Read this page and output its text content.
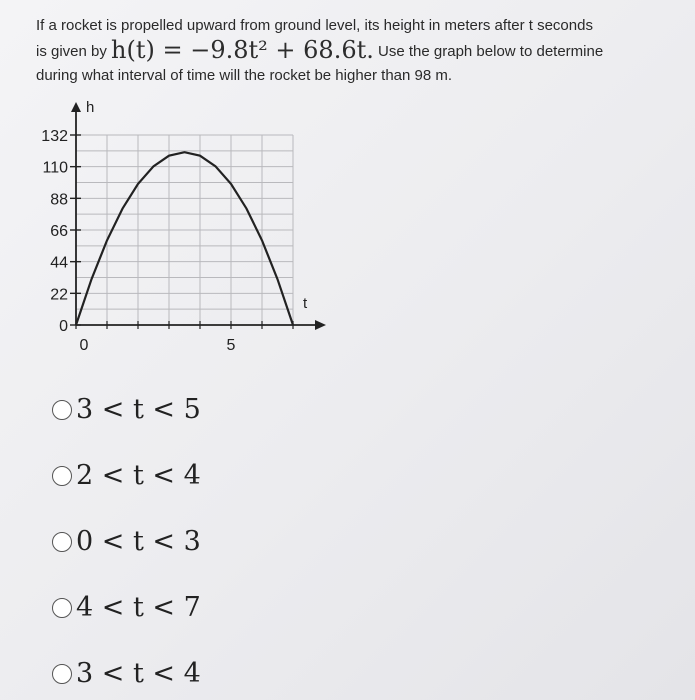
If a rocket is propelled upward from ground level, its height in meters after t seconds
is given by h(t) = −9.8t² + 68.6t. Use the graph below to determine
during what interval of time will the rocket be higher than 98 m.
0
22
44
66
88
110
132
0	5
h
t
3 < t < 5
2 < t < 4
0 < t < 3
4 < t < 7
3 < t < 4
